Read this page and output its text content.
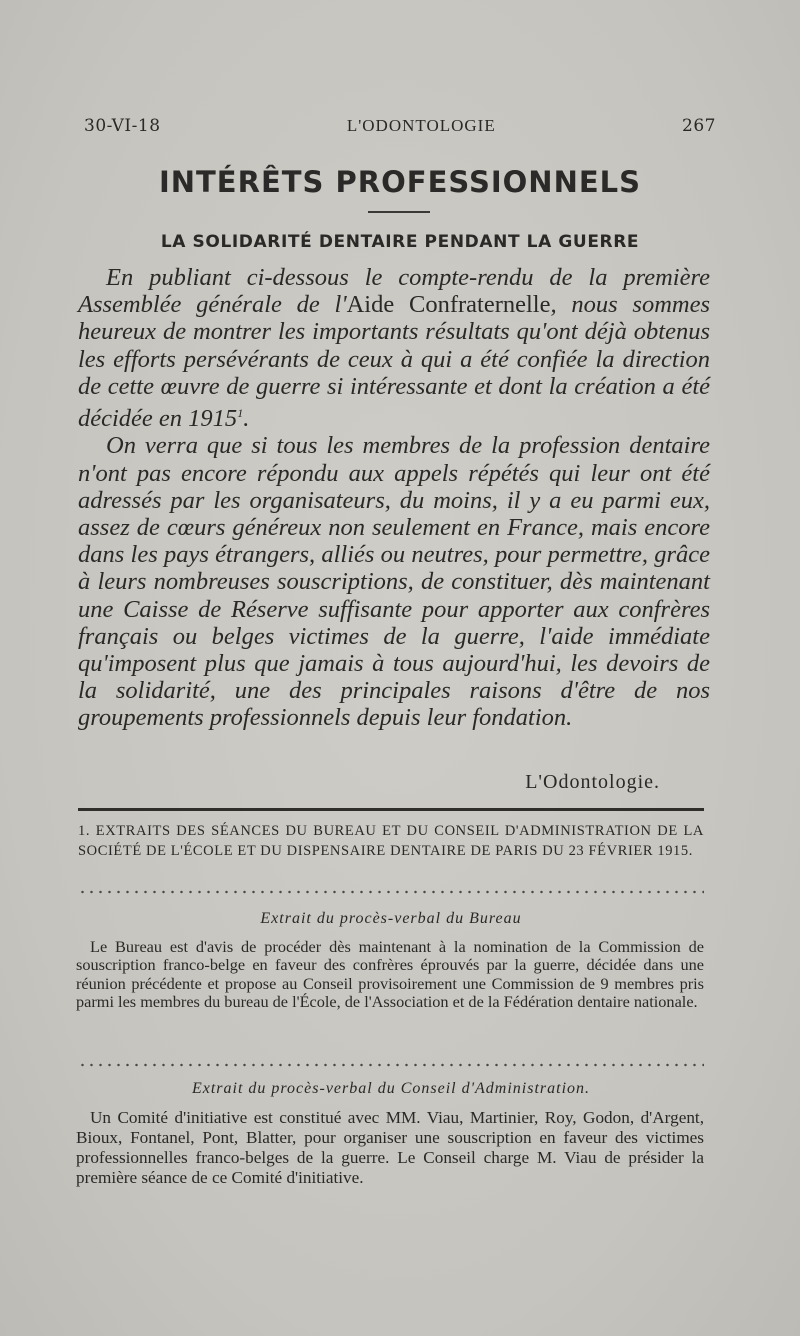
30-VI-18	L'ODONTOLOGIE	267
INTÉRÊTS PROFESSIONNELS
LA SOLIDARITÉ DENTAIRE PENDANT LA GUERRE

En publiant ci-dessous le compte-rendu de la première Assemblée générale de l'Aide Confraternelle, nous sommes heureux de montrer les importants résultats qu'ont déjà obtenus les efforts persévérants de ceux à qui a été confiée la direction de cette œuvre de guerre si intéressante et dont la création a été décidée en 1915$^1$.

On verra que si tous les membres de la profession dentaire n'ont pas encore répondu aux appels répétés qui leur ont été adressés par les organisateurs, du moins, il y a eu parmi eux, assez de cœurs généreux non seulement en France, mais encore dans les pays étrangers, alliés ou neutres, pour permettre, grâce à leurs nombreuses souscriptions, de constituer, dès maintenant une Caisse de Réserve suffisante pour apporter aux confrères français ou belges victimes de la guerre, l'aide immédiate qu'imposent plus que jamais à tous aujourd'hui, les devoirs de la solidarité, une des principales raisons d'être de nos groupements professionnels depuis leur fondation.

L'Odontologie.
1. EXTRAITS DES SÉANCES DU BUREAU ET DU CONSEIL D'ADMINISTRATION DE LA SOCIÉTÉ DE L'ÉCOLE ET DU DISPENSAIRE DENTAIRE DE PARIS DU 23 FÉVRIER 1915.
Extrait du procès-verbal du Bureau

Le Bureau est d'avis de procéder dès maintenant à la nomination de la Commission de souscription franco-belge en faveur des confrères éprouvés par la guerre, décidée dans une réunion précédente et propose au Conseil provisoirement une Commission de 9 membres pris parmi les membres du bureau de l'École, de l'Association et de la Fédération dentaire nationale.

Extrait du procès-verbal du Conseil d'Administration.

Un Comité d'initiative est constitué avec MM. Viau, Martinier, Roy, Godon, d'Argent, Bioux, Fontanel, Pont, Blatter, pour organiser une souscription en faveur des victimes professionnelles franco-belges de la guerre. Le Conseil charge M. Viau de présider la première séance de ce Comité d'initiative.
